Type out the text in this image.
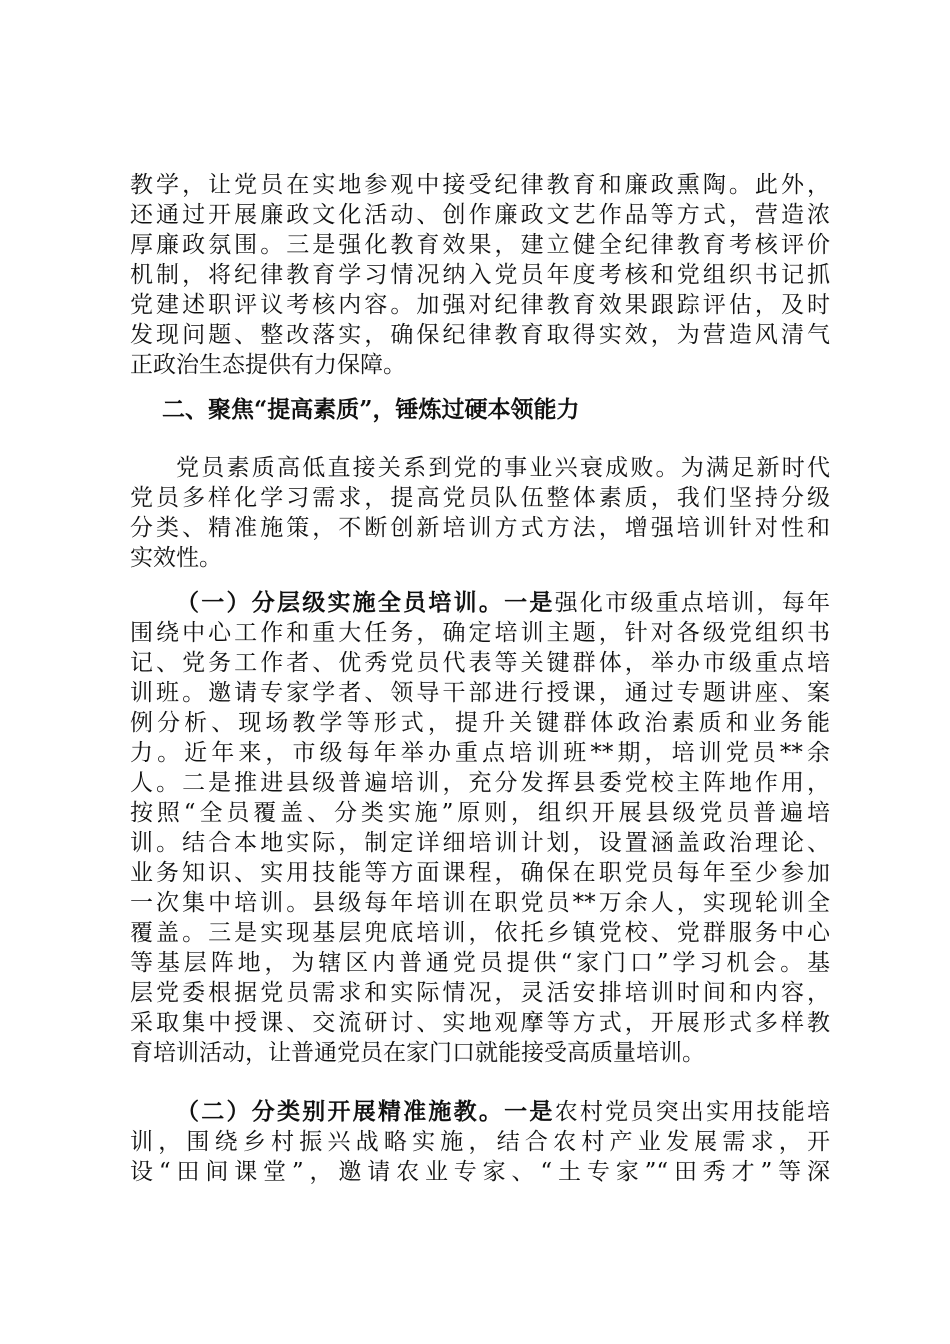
教学，让党员在实地参观中接受纪律教育和廉政熏陶。此外，
还通过开展廉政文化活动、创作廉政文艺作品等方式，营造浓
厚廉政氛围。三是强化教育效果，建立健全纪律教育考核评价
机制，将纪律教育学习情况纳入党员年度考核和党组织书记抓
党建述职评议考核内容。加强对纪律教育效果跟踪评估，及时
发现问题、整改落实，确保纪律教育取得实效，为营造风清气
正政治生态提供有力保障。
二、聚焦“提高素质”，锤炼过硬本领能力
党员素质高低直接关系到党的事业兴衰成败。为满足新时代
党员多样化学习需求，提高党员队伍整体素质，我们坚持分级
分类、精准施策，不断创新培训方式方法，增强培训针对性和
实效性。
（一）分层级实施全员培训。一是强化市级重点培训，每年
围绕中心工作和重大任务，确定培训主题，针对各级党组织书
记、党务工作者、优秀党员代表等关键群体，举办市级重点培
训班。邀请专家学者、领导干部进行授课，通过专题讲座、案
例分析、现场教学等形式，提升关键群体政治素质和业务能
力。近年来，市级每年举办重点培训班**期，培训党员**余
人。二是推进县级普遍培训，充分发挥县委党校主阵地作用，
按照“全员覆盖、分类实施”原则，组织开展县级党员普遍培
训。结合本地实际，制定详细培训计划，设置涵盖政治理论、
业务知识、实用技能等方面课程，确保在职党员每年至少参加
一次集中培训。县级每年培训在职党员**万余人，实现轮训全
覆盖。三是实现基层兜底培训，依托乡镇党校、党群服务中心
等基层阵地，为辖区内普通党员提供“家门口”学习机会。基
层党委根据党员需求和实际情况，灵活安排培训时间和内容，
采取集中授课、交流研讨、实地观摩等方式，开展形式多样教
育培训活动，让普通党员在家门口就能接受高质量培训。
（二）分类别开展精准施教。一是农村党员突出实用技能培
训，围绕乡村振兴战略实施，结合农村产业发展需求，开
设“田间课堂”，邀请农业专家、“土专家”“田秀才”等深
